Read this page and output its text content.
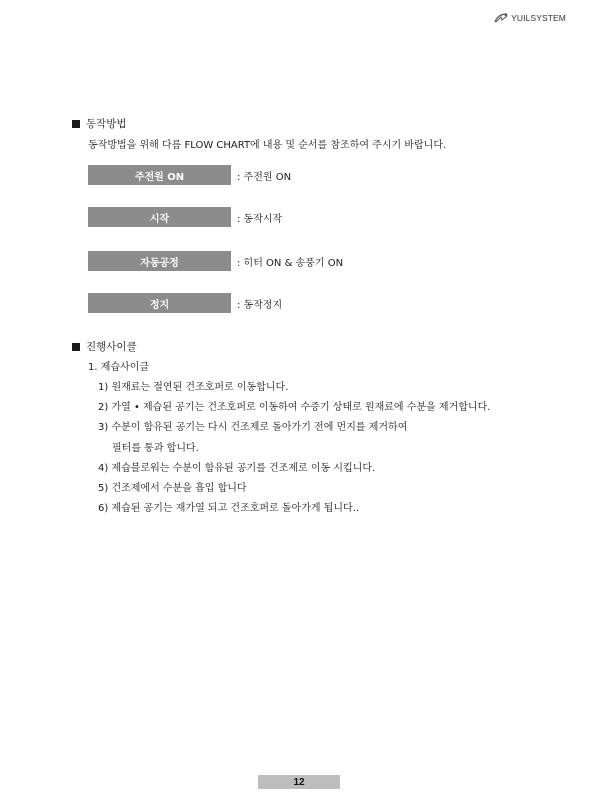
YUILSYSTEM
동작방법
동작방법을 위해 다름 FLOW CHART에 내용 및 순서를 참조하여 주시기 바랍니다.
주전원 ON	: 주전원 ON
시작	: 동작시작
자동공정	: 히터 ON & 송풍기 ON
정지	: 동작정지
진행사이클
1. 제습사이클
1) 원재료는 절연된 건조호퍼로 이동합니다.
2) 가열 • 제습된 공기는 건조호퍼로 이동하여 수증기 상태로 원재료에 수분을 제거합니다.
3) 수분이 함유된 공기는 다시 건조제로 돌아가기 전에 먼지를 제거하여
필터를 통과 합니다.
4) 제습블로워는 수분이 함유된 공기를 건조제로 이동 시킵니다.
5) 건조제에서 수분을 흡입 합니다
6) 제습된 공기는 재가열 되고 건조호퍼로 돌아가게 됩니다..
12
